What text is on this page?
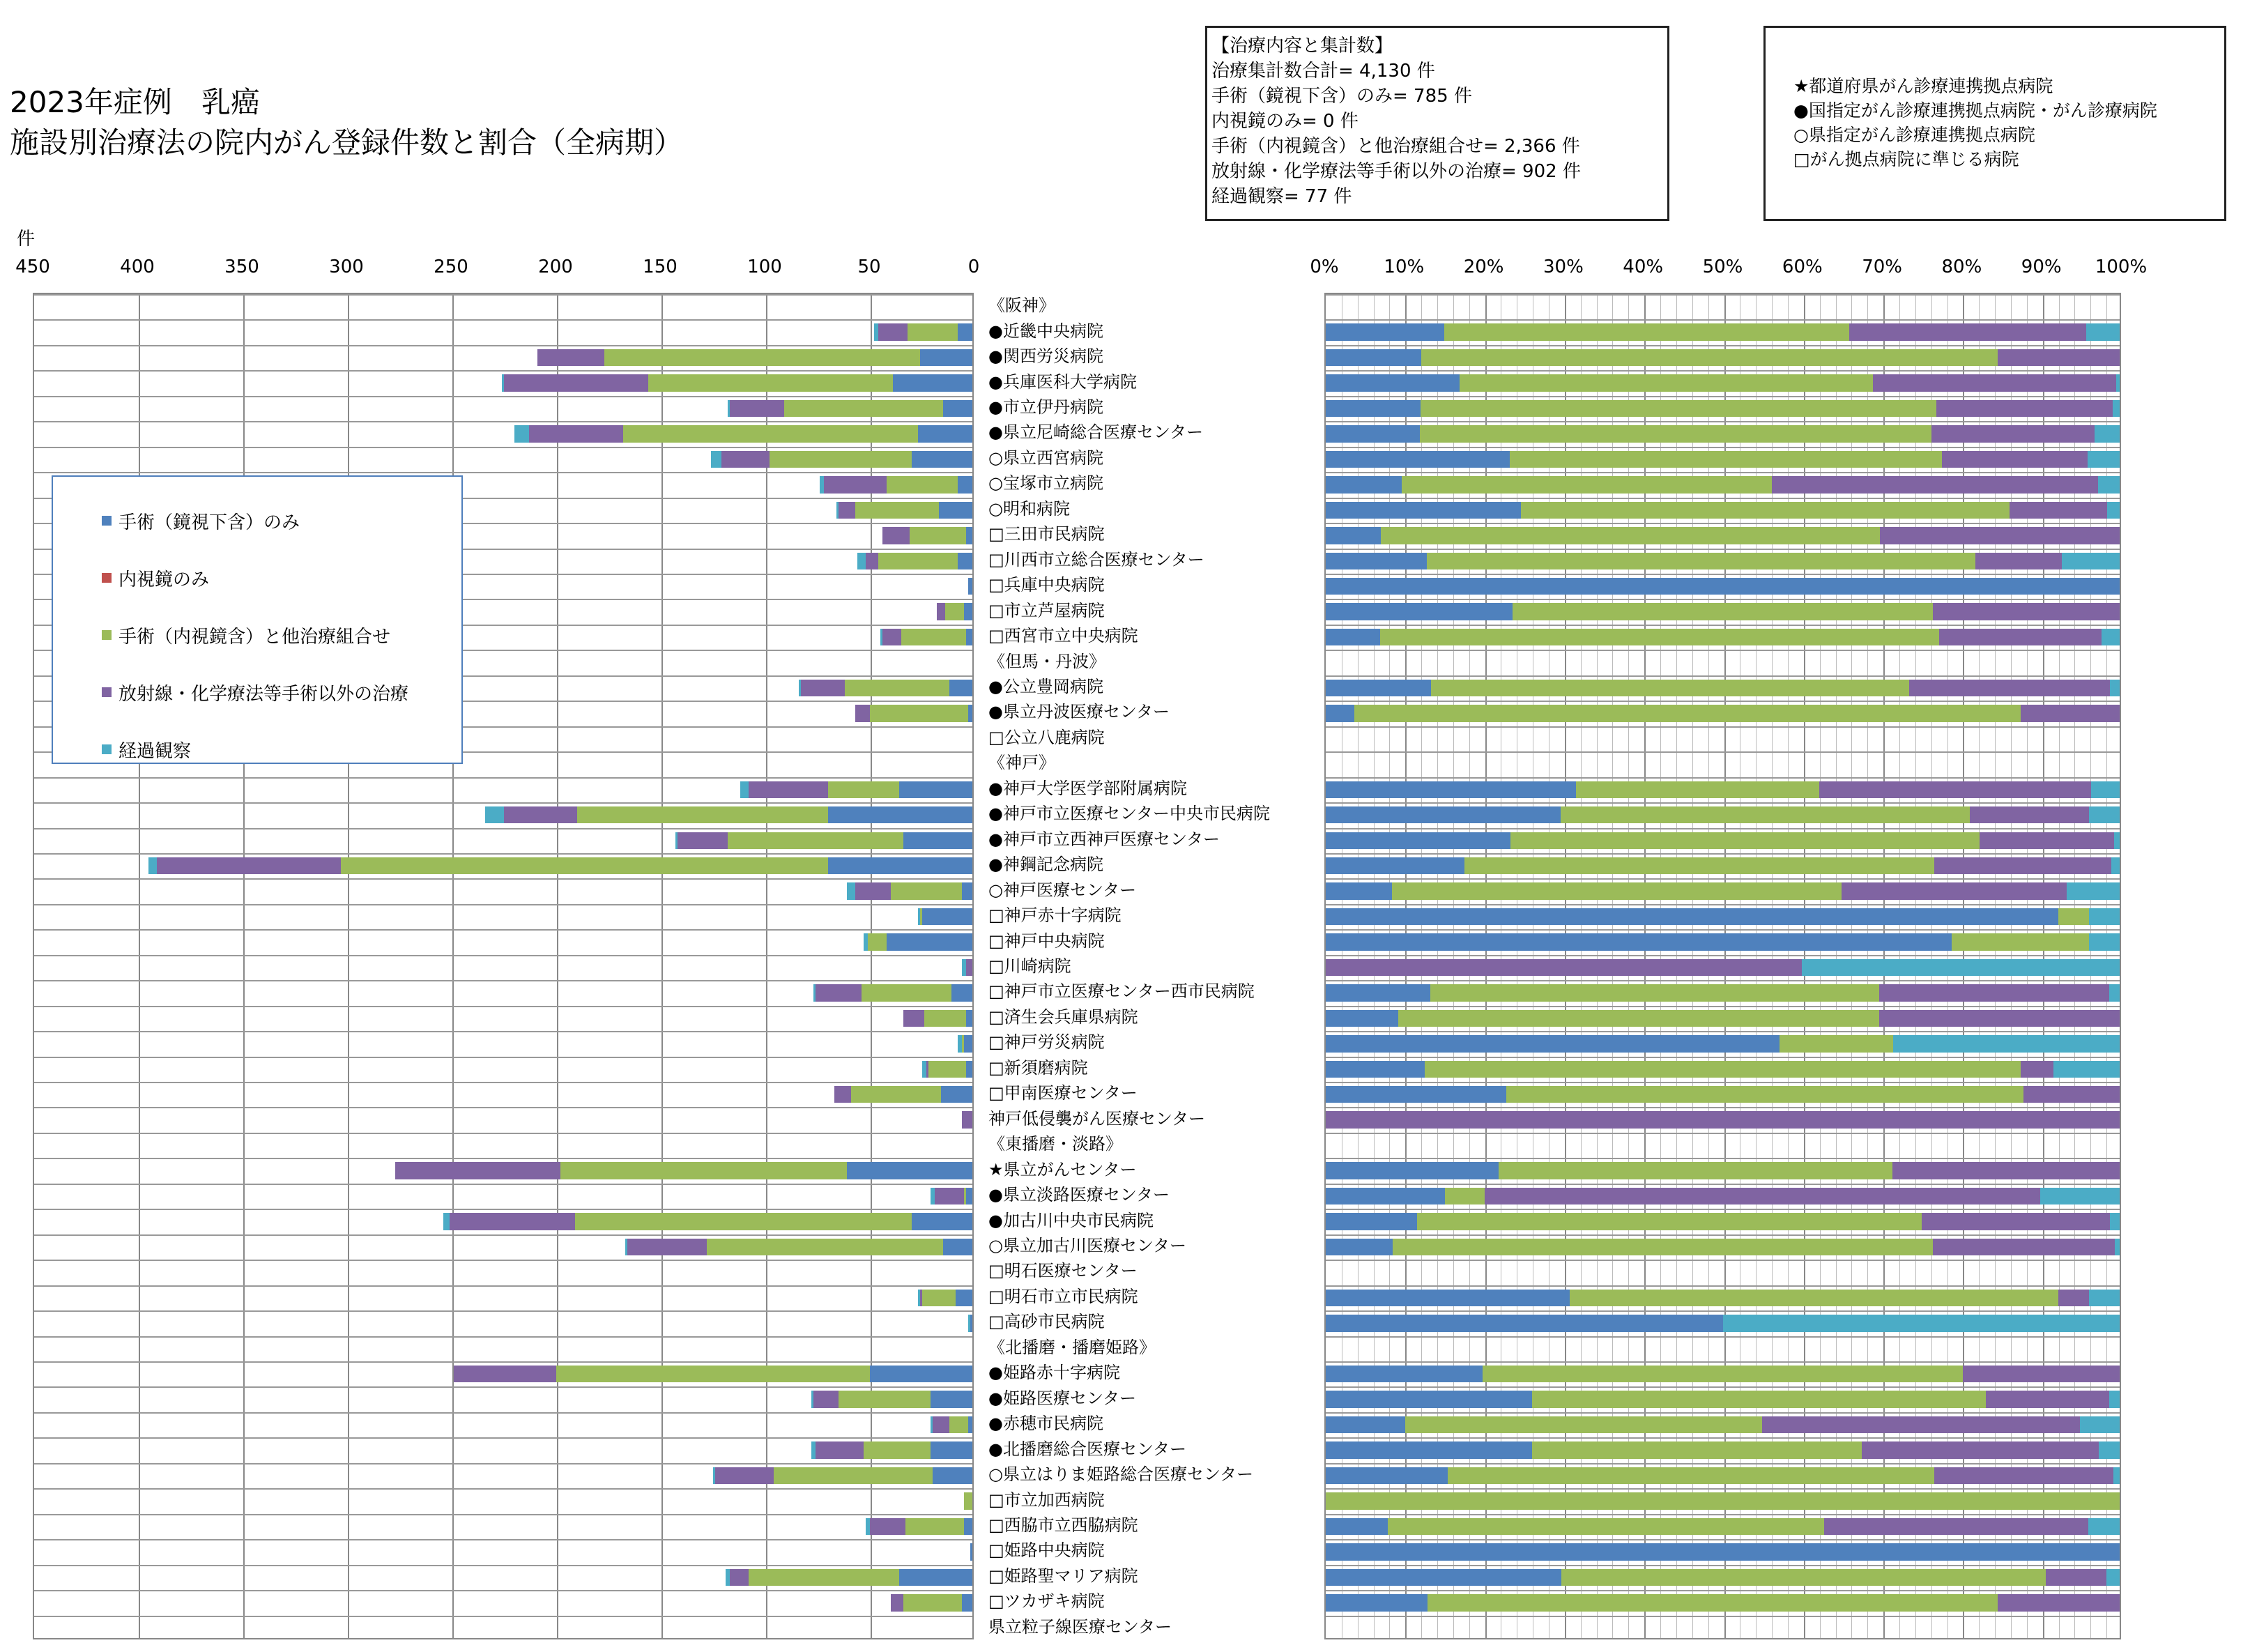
2023年症例　乳癌
施設別治療法の院内がん登録件数と割合（全病期）
【治療内容と集計数】
治療集計数合計= 4,130 件
手術（鏡視下含）のみ= 785 件
内視鏡のみ= 0 件
手術（内視鏡含）と他治療組合せ= 2,366 件
放射線・化学療法等手術以外の治療= 902 件
経過観察= 77 件
★都道府県がん診療連携拠点病院
●国指定がん診療連携拠点病院・がん診療病院
○県指定がん診療連携拠点病院
□がん拠点病院に準じる病院
件
450	400	350	300	250	200	150	100	50	0	0% 10% 20% 30% 40% 50% 60% 70% 80% 90% 100%
《阪神》
●近畿中央病院
●関西労災病院
●兵庫医科大学病院
●市立伊丹病院
●県立尼崎総合医療センター
○県立西宮病院
○宝塚市立病院
○明和病院
□三田市民病院
□川西市立総合医療センター
□兵庫中央病院
□市立芦屋病院
□西宮市立中央病院
《但馬・丹波》
●公立豊岡病院
●県立丹波医療センター
□公立八鹿病院
《神戸》
●神戸大学医学部附属病院
●神戸市立医療センター中央市民病院
●神戸市立西神戸医療センター
●神鋼記念病院
○神戸医療センター
□神戸赤十字病院
□神戸中央病院
□川崎病院
□神戸市立医療センター西市民病院
□済生会兵庫県病院
□神戸労災病院
□新須磨病院
□甲南医療センター
神戸低侵襲がん医療センター
《東播磨・淡路》
★県立がんセンター
●県立淡路医療センター
●加古川中央市民病院
○県立加古川医療センター
□明石医療センター
□明石市立市民病院
□高砂市民病院
《北播磨・播磨姫路》
●姫路赤十字病院
●姫路医療センター
●赤穂市民病院
●北播磨総合医療センター
○県立はりま姫路総合医療センター
□市立加西病院
□西脇市立西脇病院
□姫路中央病院
□姫路聖マリア病院
□ツカザキ病院
県立粒子線医療センター
手術（鏡視下含）のみ
内視鏡のみ
手術（内視鏡含）と他治療組合せ
放射線・化学療法等手術以外の治療
経過観察
